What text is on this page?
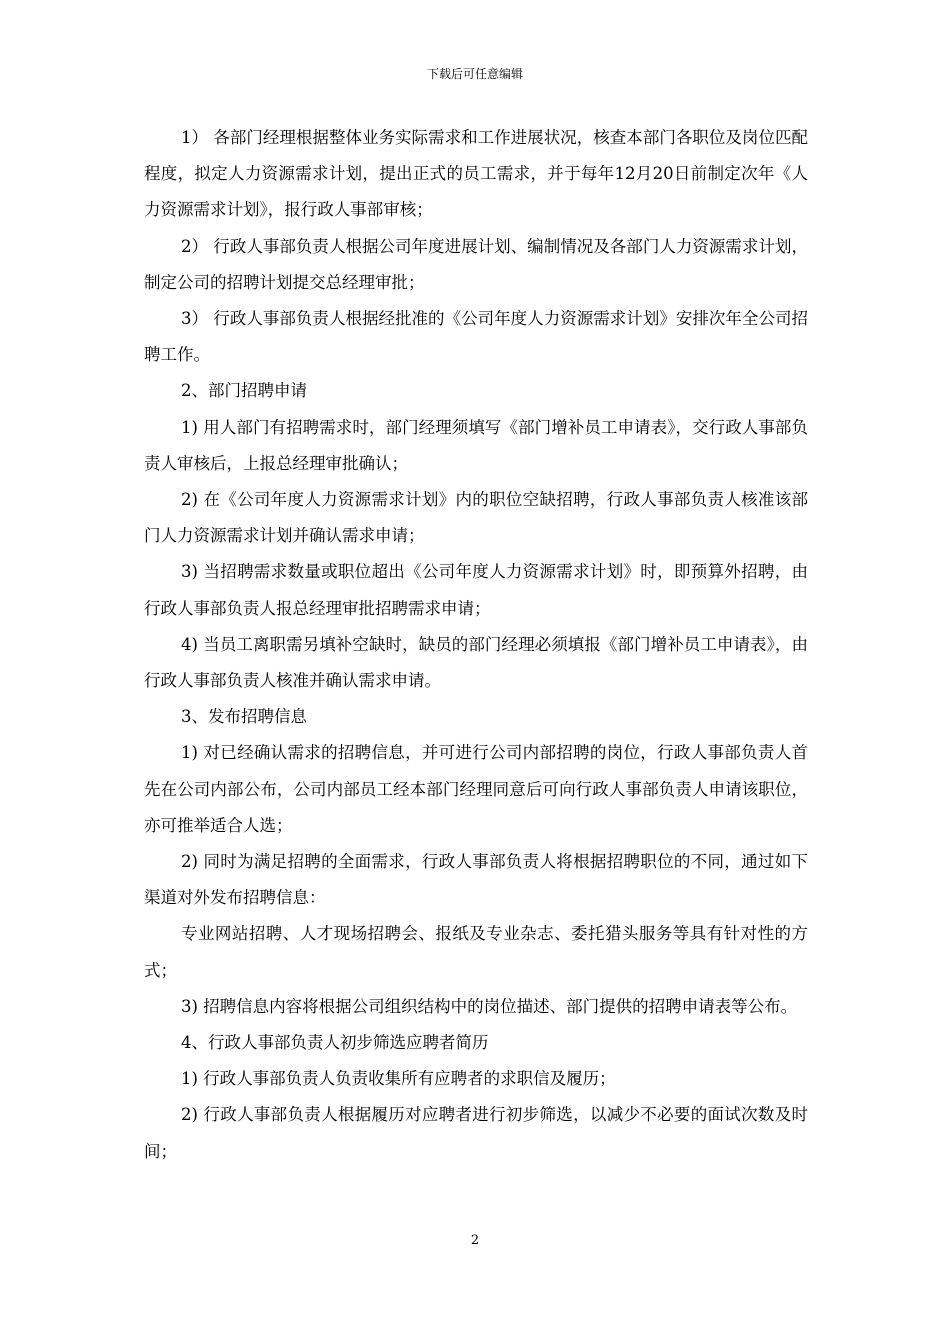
下载后可任意编辑

1） 各部门经理根据整体业务实际需求和工作进展状况，核查本部门各职位及岗位匹配程度，拟定人力资源需求计划，提出正式的员工需求，并于每年12月20日前制定次年《人力资源需求计划》，报行政人事部审核；

2） 行政人事部负责人根据公司年度进展计划、编制情况及各部门人力资源需求计划，制定公司的招聘计划提交总经理审批；

3） 行政人事部负责人根据经批准的《公司年度人力资源需求计划》安排次年全公司招聘工作。

2、部门招聘申请

1) 用人部门有招聘需求时，部门经理须填写《部门增补员工申请表》，交行政人事部负责人审核后，上报总经理审批确认；

2) 在《公司年度人力资源需求计划》内的职位空缺招聘，行政人事部负责人核准该部门人力资源需求计划并确认需求申请；

3) 当招聘需求数量或职位超出《公司年度人力资源需求计划》时，即预算外招聘，由行政人事部负责人报总经理审批招聘需求申请；

4) 当员工离职需另填补空缺时，缺员的部门经理必须填报《部门增补员工申请表》，由行政人事部负责人核准并确认需求申请。

3、发布招聘信息

1) 对已经确认需求的招聘信息，并可进行公司内部招聘的岗位，行政人事部负责人首先在公司内部公布，公司内部员工经本部门经理同意后可向行政人事部负责人申请该职位，亦可推举适合人选；

2) 同时为满足招聘的全面需求，行政人事部负责人将根据招聘职位的不同，通过如下渠道对外发布招聘信息：

专业网站招聘、人才现场招聘会、报纸及专业杂志、委托猎头服务等具有针对性的方式；

3) 招聘信息内容将根据公司组织结构中的岗位描述、部门提供的招聘申请表等公布。

4、行政人事部负责人初步筛选应聘者简历

1) 行政人事部负责人负责收集所有应聘者的求职信及履历；

2) 行政人事部负责人根据履历对应聘者进行初步筛选，以减少不必要的面试次数及时间；

2
